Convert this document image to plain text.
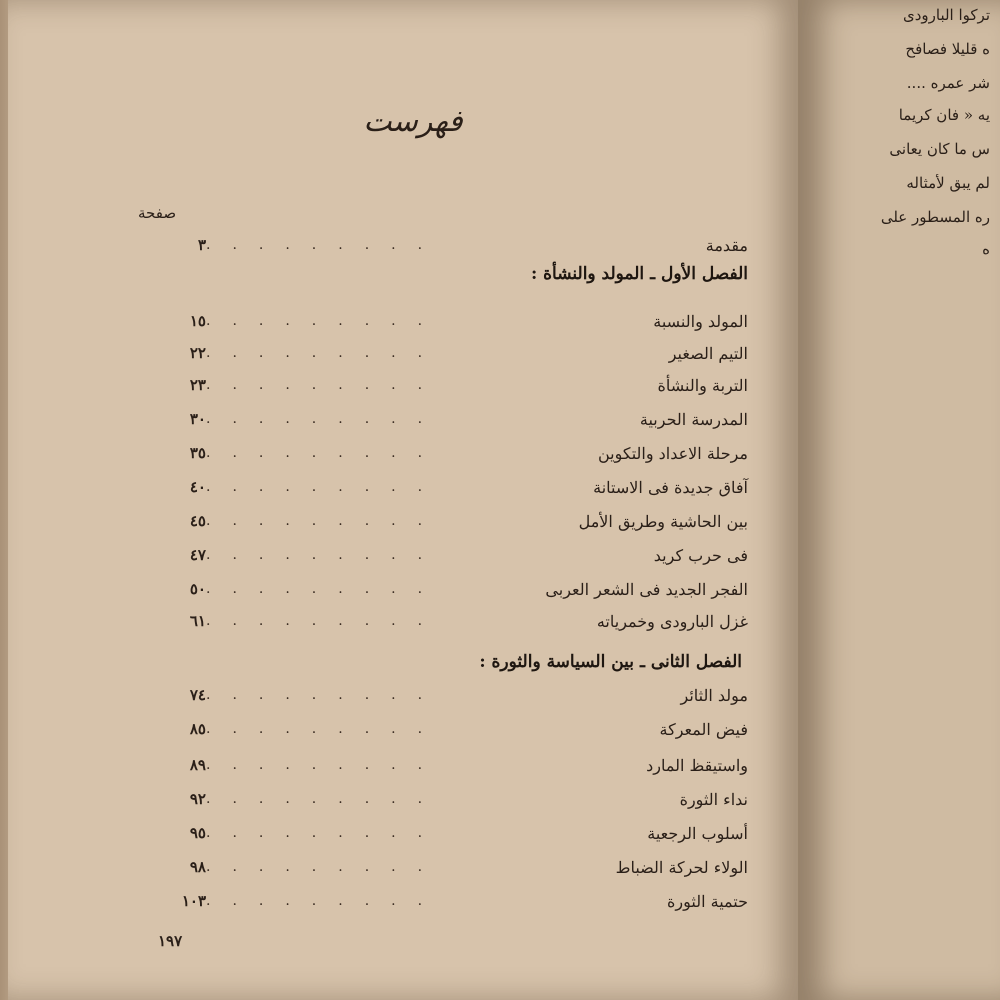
فهرست
صفحة
مقدمة
.........
٣
الفصل الأول ـ المولد والنشأة :
المولد والنسبة
.........
١٥
التيم الصغير
.........
٢٢
التربة والنشأة
.........
٢٣
المدرسة الحربية
.........
٣٠
مرحلة الاعداد والتكوين
.........
٣٥
آفاق جديدة فى الاستانة
.........
٤٠
بين الحاشية وطريق الأمل
.........
٤٥
فى حرب كريد
.........
٤٧
الفجر الجديد فى الشعر العربى
.........
٥٠
غزل البارودى وخمرياته
.........
٦١
الفصل الثانى ـ بين السياسة والثورة :
مولد الثائر
.........
٧٤
فيض المعركة
.........
٨٥
واستيقظ المارد
.........
٨٩
نداء الثورة
.........
٩٢
أسلوب الرجعية
.........
٩٥
الولاء لحركة الضباط
.........
٩٨
حتمية الثورة
.........
١٠٣
١٩٧
تركوا البارودى
ه قليلا فصافح
شر عمره ....
يه « فان كريما
س ما كان يعانى
لم يبق لأمثاله
ره المسطور على
ه
